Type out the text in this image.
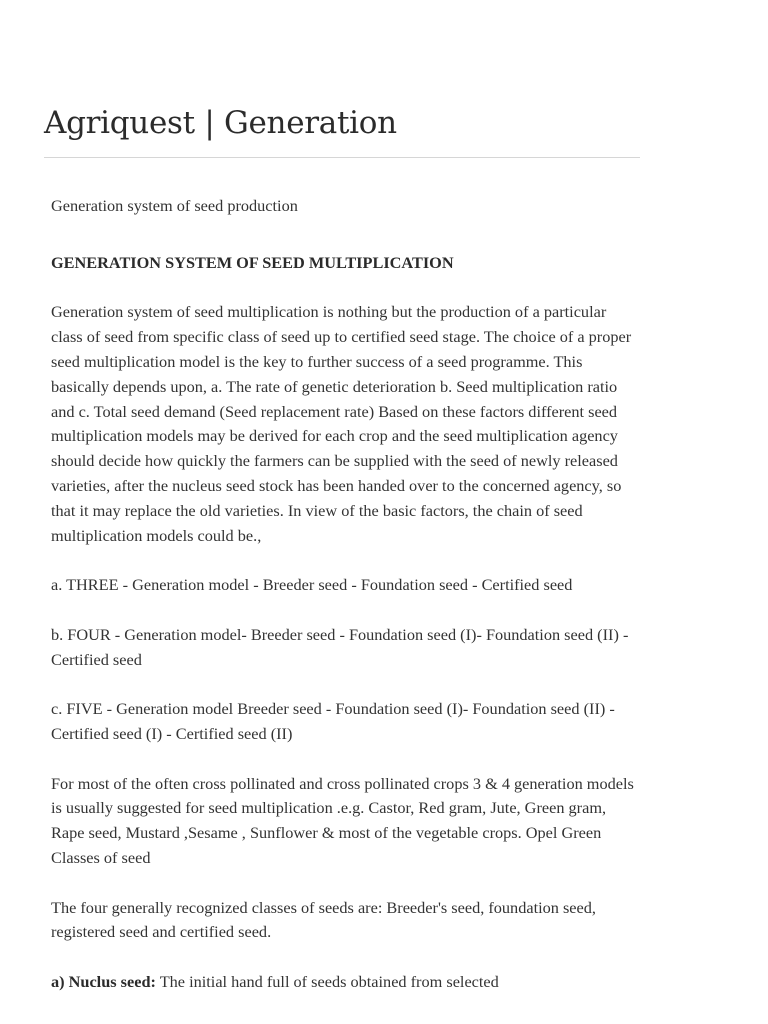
Agriquest | Generation

Generation system of seed production

GENERATION SYSTEM OF SEED MULTIPLICATION

Generation system of seed multiplication is nothing but the production of a particular class of seed from specific class of seed up to certified seed stage. The choice of a proper seed multiplication model is the key to further success of a seed programme. This basically depends upon, a. The rate of genetic deterioration b. Seed multiplication ratio and c. Total seed demand (Seed replacement rate) Based on these factors different seed multiplication models may be derived for each crop and the seed multiplication agency should decide how quickly the farmers can be supplied with the seed of newly released varieties, after the nucleus seed stock has been handed over to the concerned agency, so that it may replace the old varieties. In view of the basic factors, the chain of seed multiplication models could be.,

a. THREE - Generation model - Breeder seed - Foundation seed - Certified seed

b. FOUR - Generation model- Breeder seed - Foundation seed (I)- Foundation seed (II) - Certified seed

c. FIVE - Generation model Breeder seed - Foundation seed (I)- Foundation seed (II) -Certified seed (I) - Certified seed (II)

For most of the often cross pollinated and cross pollinated crops 3 & 4 generation models is usually suggested for seed multiplication .e.g. Castor, Red gram, Jute, Green gram, Rape seed, Mustard ,Sesame , Sunflower & most of the vegetable crops. Opel Green Classes of seed

The four generally recognized classes of seeds are: Breeder's seed, foundation seed, registered seed and certified seed.

a) Nuclus seed: The initial hand full of seeds obtained from selected
